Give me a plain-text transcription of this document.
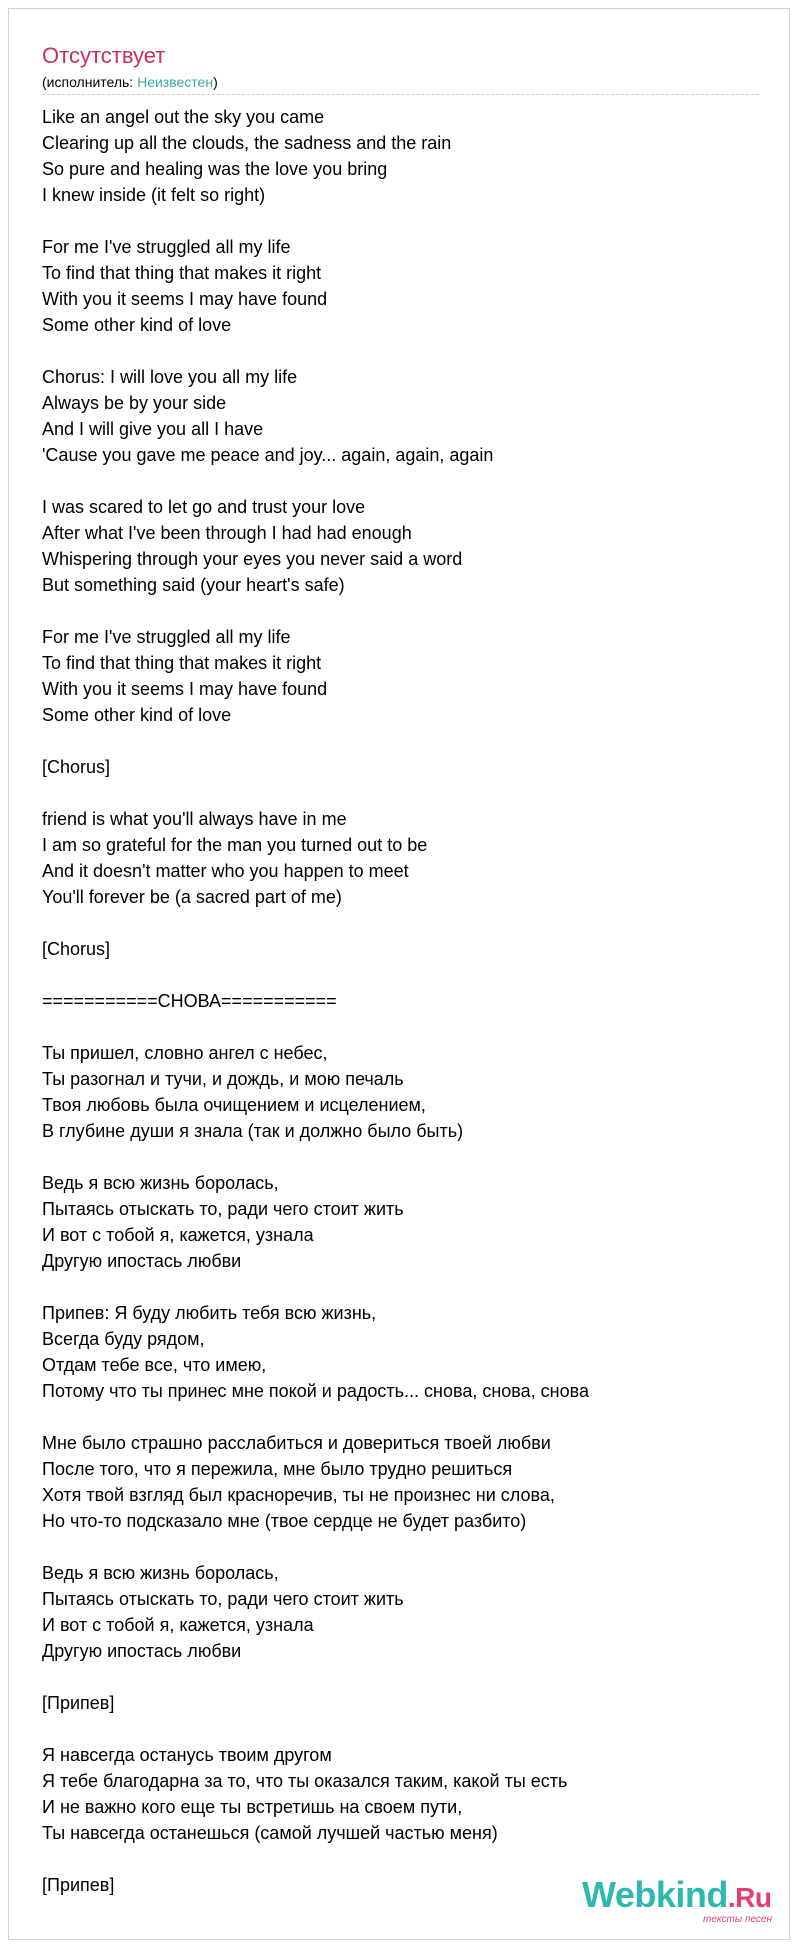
Отсутствует
(исполнитель: Неизвестен)
Like an angel out the sky you came
Clearing up all the clouds, the sadness and the rain
So pure and healing was the love you bring
I knew inside (it felt so right)
For me I've struggled all my life
To find that thing that makes it right
With you it seems I may have found
Some other kind of love
Chorus: I will love you all my life
Always be by your side
And I will give you all I have
'Cause you gave me peace and joy... again, again, again
I was scared to let go and trust your love
After what I've been through I had had enough
Whispering through your eyes you never said a word
But something said (your heart's safe)
For me I've struggled all my life
To find that thing that makes it right
With you it seems I may have found
Some other kind of love
[Chorus]
friend is what you'll always have in me
I am so grateful for the man you turned out to be
And it doesn't matter who you happen to meet
You'll forever be (a sacred part of me)
[Chorus]
===========СНОВА===========
Ты пришел, словно ангел с небес,
Ты разогнал и тучи, и дождь, и мою печаль
Твоя любовь была очищением и исцелением,
В глубине души я знала (так и должно было быть)
Ведь я всю жизнь боролась,
Пытаясь отыскать то, ради чего стоит жить
И вот с тобой я, кажется, узнала
Другую ипостась любви
Припев: Я буду любить тебя всю жизнь,
Всегда буду рядом,
Отдам тебе все, что имею,
Потому что ты принес мне покой и радость... снова, снова, снова
Мне было страшно расслабиться и довериться твоей любви
После того, что я пережила, мне было трудно решиться
Хотя твой взгляд был красноречив, ты не произнес ни слова,
Но что-то подсказало мне (твое сердце не будет разбито)
Ведь я всю жизнь боролась,
Пытаясь отыскать то, ради чего стоит жить
И вот с тобой я, кажется, узнала
Другую ипостась любви
[Припев]
Я навсегда останусь твоим другом
Я тебе благодарна за то, что ты оказался таким, какой ты есть
И не важно кого еще ты встретишь на своем пути,
Ты навсегда останешься (самой лучшей частью меня)
[Припев]	Webkind.Ru
тексты песен
